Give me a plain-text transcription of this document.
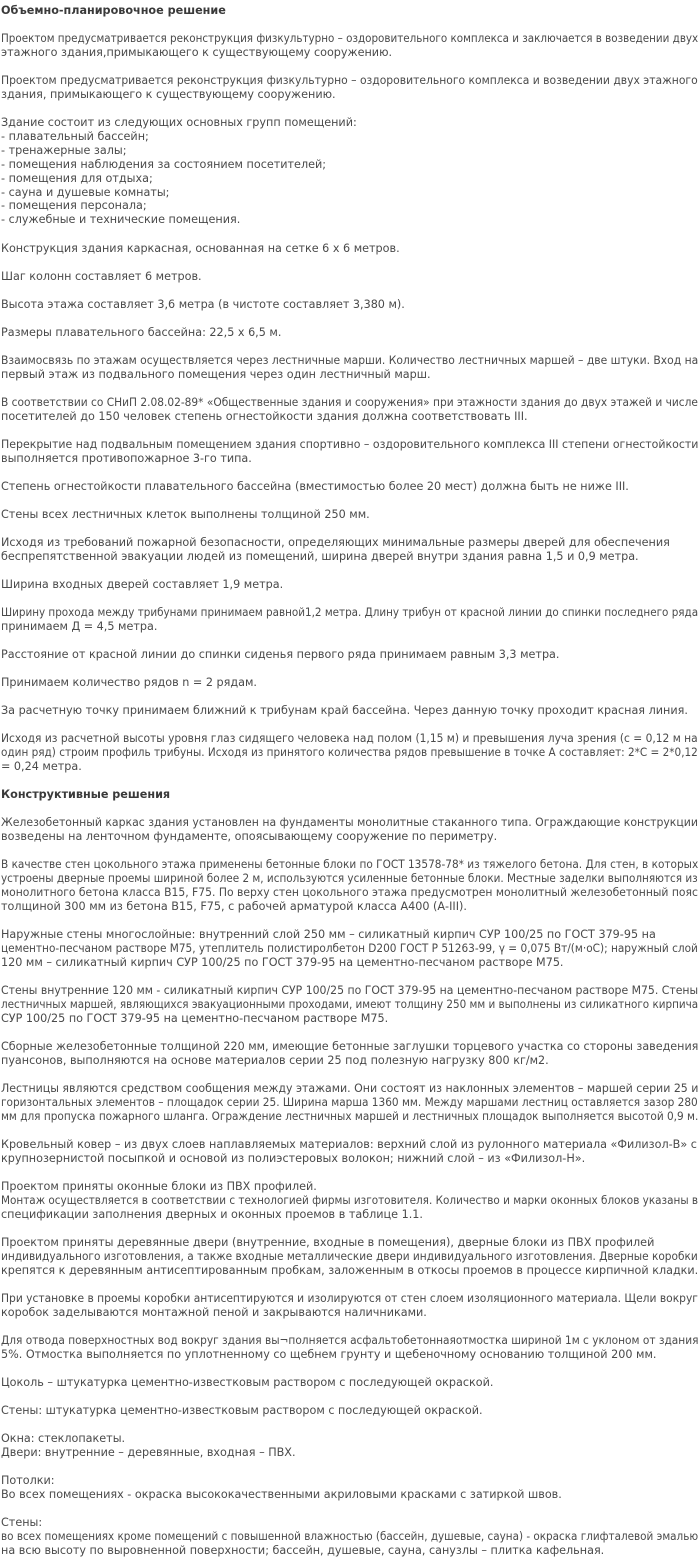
Объемно-планировочное решение

Проектом предусматривается реконструкция физкультурно – оздоровительного комплекса и заключается в возведении двух
этажного здания,примыкающего к существующему сооружению.

Проектом предусматривается реконструкция физкультурно – оздоровительного комплекса и возведении двух этажного
здания, примыкающего к существующему сооружению.

Здание состоит из следующих основных групп помещений:
- плавательный бассейн;
- тренажерные залы;
- помещения наблюдения за состоянием посетителей;
- помещения для отдыха;
- сауна и душевые комнаты;
- помещения персонала;
- служебные и технические помещения.

Конструкция здания каркасная, основанная на сетке 6 х 6 метров.

Шаг колонн составляет 6 метров.

Высота этажа составляет 3,6 метра (в чистоте составляет 3,380 м).

Размеры плавательного бассейна: 22,5 х 6,5 м.

Взаимосвязь по этажам осуществляется через лестничные марши. Количество лестничных маршей – две штуки. Вход на
первый этаж из подвального помещения через один лестничный марш.

В соответствии со СНиП 2.08.02-89* «Общественные здания и сооружения» при этажности здания до двух этажей и числе
посетителей до 150 человек степень огнестойкости здания должна соответствовать III.

Перекрытие над подвальным помещением здания спортивно – оздоровительного комплекса III степени огнестойкости
выполняется противопожарное 3-го типа.

Степень огнестойкости плавательного бассейна (вместимостью более 20 мест) должна быть не ниже III.

Стены всех лестничных клеток выполнены толщиной 250 мм.

Исходя из требований пожарной безопасности, определяющих минимальные размеры дверей для обеспечения
беспрепятственной эвакуации людей из помещений, ширина дверей внутри здания равна 1,5 и 0,9 метра.

Ширина входных дверей составляет 1,9 метра.

Ширину прохода между трибунами принимаем равной1,2 метра. Длину трибун от красной линии до спинки последнего ряда
принимаем Д = 4,5 метра.

Расстояние от красной линии до спинки сиденья первого ряда принимаем равным 3,3 метра.

Принимаем количество рядов n = 2 рядам.

За расчетную точку принимаем ближний к трибунам край бассейна. Через данную точку проходит красная линия.

Исходя из расчетной высоты уровня глаз сидящего человека над полом (1,15 м) и превышения луча зрения (с = 0,12 м на
один ряд) строим профиль трибуны. Исходя из принятого количества рядов превышение в точке А составляет: 2*С = 2*0,12
= 0,24 метра.

Конструктивные решения

Железобетонный каркас здания установлен на фундаменты монолитные стаканного типа. Ограждающие конструкции
возведены на ленточном фундаменте, опоясывающему сооружение по периметру.

В качестве стен цокольного этажа применены бетонные блоки по ГОСТ 13578-78* из тяжелого бетона. Для стен, в которых
устроены дверные проемы шириной более 2 м, используются усиленные бетонные блоки. Местные заделки выполняются из
монолитного бетона класса В15, F75. По верху стен цокольного этажа предусмотрен монолитный железобетонный пояс
толщиной 300 мм из бетона В15, F75, с рабочей арматурой класса А400 (А-III).

Наружные стены многослойные: внутренний слой 250 мм – силикатный кирпич СУР 100/25 по ГОСТ 379-95 на
цементно-песчаном растворе М75, утеплитель полистиролбетон D200 ГОСТ Р 51263-99, γ = 0,075 Вт/(м·оС); наружный слой
120 мм – силикатный кирпич СУР 100/25 по ГОСТ 379-95 на цементно-песчаном растворе М75.

Стены внутренние 120 мм - силикатный кирпич СУР 100/25 по ГОСТ 379-95 на цементно-песчаном растворе М75. Стены
лестничных маршей, являющихся эвакуационными проходами, имеют толщину 250 мм и выполнены из силикатного кирпича
СУР 100/25 по ГОСТ 379-95 на цементно-песчаном растворе М75.

Сборные железобетонные толщиной 220 мм, имеющие бетонные заглушки торцевого участка со стороны заведения
пуансонов, выполняются на основе материалов серии 25 под полезную нагрузку 800 кг/м2.

Лестницы являются средством сообщения между этажами. Они состоят из наклонных элементов – маршей серии 25 и
горизонтальных элементов – площадок серии 25. Ширина марша 1360 мм. Между маршами лестниц оставляется зазор 280
мм для пропуска пожарного шланга. Ограждение лестничных маршей и лестничных площадок выполняется высотой 0,9 м.

Кровельный ковер – из двух слоев наплавляемых материалов: верхний слой из рулонного материала «Филизол-В» с
крупнозернистой посыпкой и основой из полиэстеровых волокон; нижний слой – из «Филизол-Н».

Проектом приняты оконные блоки из ПВХ профилей.
Монтаж осуществляется в соответствии с технологией фирмы изготовителя. Количество и марки оконных блоков указаны в
спецификации заполнения дверных и оконных проемов в таблице 1.1.

Проектом приняты деревянные двери (внутренние, входные в помещения), дверные блоки из ПВХ профилей
индивидуального изготовления, а также входные металлические двери индивидуального изготовления. Дверные коробки
крепятся к деревянным антисептированным пробкам, заложенным в откосы проемов в процессе кирпичной кладки.

При установке в проемы коробки антисептируются и изолируются от стен слоем изоляционного материала. Щели вокруг
коробок заделываются монтажной пеной и закрываются наличниками.

Для отвода поверхностных вод вокруг здания вы¬полняется асфальтобетоннаяотмостка шириной 1м с уклоном от здания
5%. Отмостка выполняется по уплотненному со щебнем грунту и щебеночному основанию толщиной 200 мм.

Цоколь – штукатурка цементно-известковым раствором с последующей окраской.

Стены: штукатурка цементно-известковым раствором с последующей окраской.

Окна: стеклопакеты.
Двери: внутренние – деревянные, входная – ПВХ.

Потолки:
Во всех помещениях - окраска высококачественными акриловыми красками с затиркой швов.

Стены:
во всех помещениях кроме помещений с повышенной влажностью (бассейн, душевые, сауна) - окраска глифталевой эмалью
на всю высоту по выровненной поверхности; бассейн, душевые, сауна, санузлы – плитка кафельная.
